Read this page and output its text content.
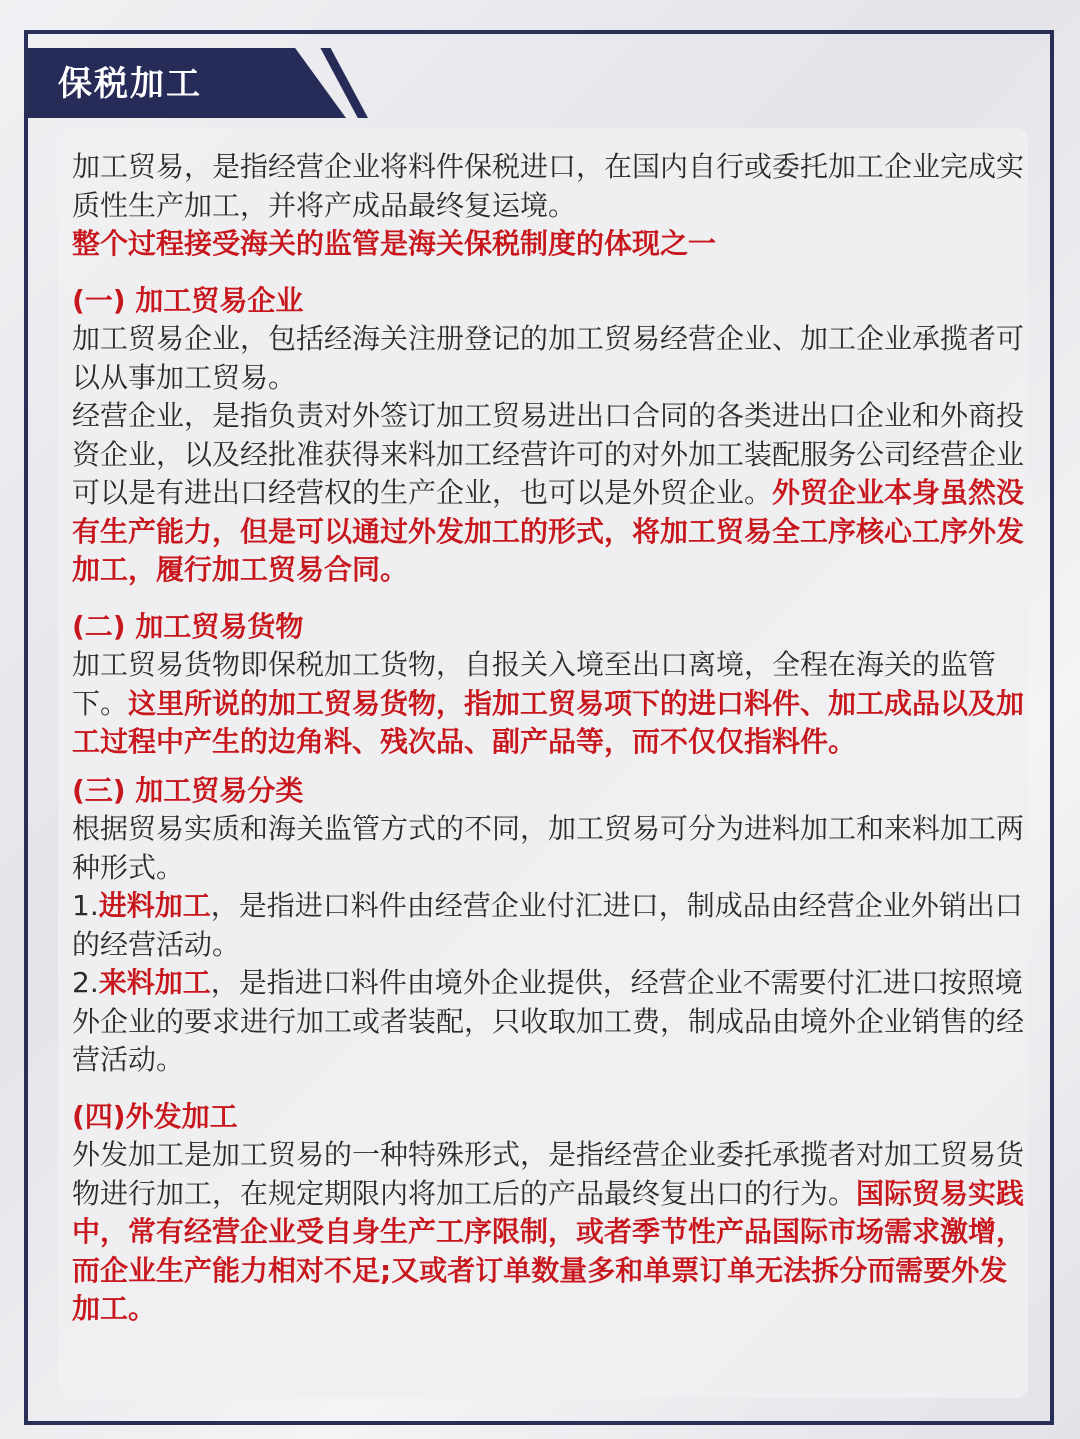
保税加工

加工贸易，是指经营企业将料件保税进口，在国内自行或委托加工企业完成实质性生产加工，并将产成品最终复运境。

整个过程接受海关的监管是海关保税制度的体现之一

(一) 加工贸易企业

加工贸易企业，包括经海关注册登记的加工贸易经营企业、加工企业承揽者可以从事加工贸易。

经营企业，是指负责对外签订加工贸易进出口合同的各类进出口企业和外商投资企业，以及经批准获得来料加工经营许可的对外加工装配服务公司经营企业可以是有进出口经营权的生产企业，也可以是外贸企业。外贸企业本身虽然没有生产能力，但是可以通过外发加工的形式，将加工贸易全工序核心工序外发加工，履行加工贸易合同。

(二) 加工贸易货物

加工贸易货物即保税加工货物，自报关入境至出口离境，全程在海关的监管下。这里所说的加工贸易货物，指加工贸易项下的进口料件、加工成品以及加工过程中产生的边角料、残次品、副产品等，而不仅仅指料件。

(三) 加工贸易分类

根据贸易实质和海关监管方式的不同，加工贸易可分为进料加工和来料加工两种形式。

1.进料加工，是指进口料件由经营企业付汇进口，制成品由经营企业外销出口的经营活动。

2.来料加工，是指进口料件由境外企业提供，经营企业不需要付汇进口按照境外企业的要求进行加工或者装配，只收取加工费，制成品由境外企业销售的经营活动。

(四)外发加工

外发加工是加工贸易的一种特殊形式，是指经营企业委托承揽者对加工贸易货物进行加工，在规定期限内将加工后的产品最终复出口的行为。国际贸易实践中，常有经营企业受自身生产工序限制，或者季节性产品国际市场需求激增，而企业生产能力相对不足;又或者订单数量多和单票订单无法拆分而需要外发加工。
